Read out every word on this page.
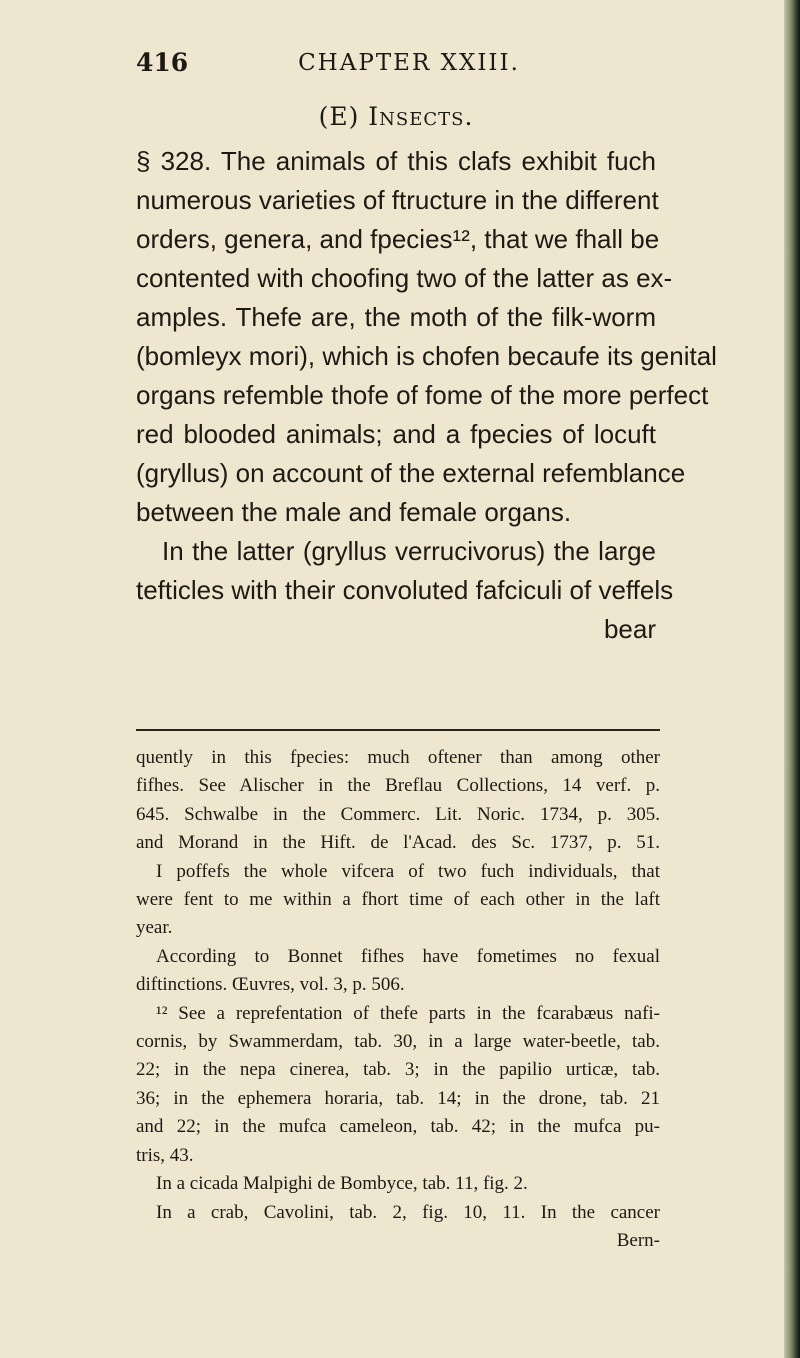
416	CHAPTER XXIII.
(E) Insects.
§ 328. The animals of this clafs exhibit fuch
numerous varieties of ftructure in the different
orders, genera, and fpecies¹², that we fhall be
contented with choofing two of the latter as ex-
amples. Thefe are, the moth of the filk-worm
(bomleyx mori), which is chofen becaufe its genital
organs refemble thofe of fome of the more perfect
red blooded animals; and a fpecies of locuft
(gryllus) on account of the external refemblance
between the male and female organs.
In the latter (gryllus verrucivorus) the large
tefticles with their convoluted fafciculi of veffels
bear
quently in this fpecies: much oftener than among other
fifhes. See Alischer in the Breflau Collections, 14 verf. p.
645. Schwalbe in the Commerc. Lit. Noric. 1734, p. 305.
and Morand in the Hift. de l'Acad. des Sc. 1737, p. 51.
I poffefs the whole vifcera of two fuch individuals, that
were fent to me within a fhort time of each other in the laft
year.
According to Bonnet fifhes have fometimes no fexual
diftinctions. Œuvres, vol. 3, p. 506.
¹² See a reprefentation of thefe parts in the fcarabæus nafi-
cornis, by Swammerdam, tab. 30, in a large water-beetle, tab.
22; in the nepa cinerea, tab. 3; in the papilio urticæ, tab.
36; in the ephemera horaria, tab. 14; in the drone, tab. 21
and 22; in the mufca cameleon, tab. 42; in the mufca pu-
tris, 43.
In a cicada Malpighi de Bombyce, tab. 11, fig. 2.
In a crab, Cavolini, tab. 2, fig. 10, 11. In the cancer
Bern-
